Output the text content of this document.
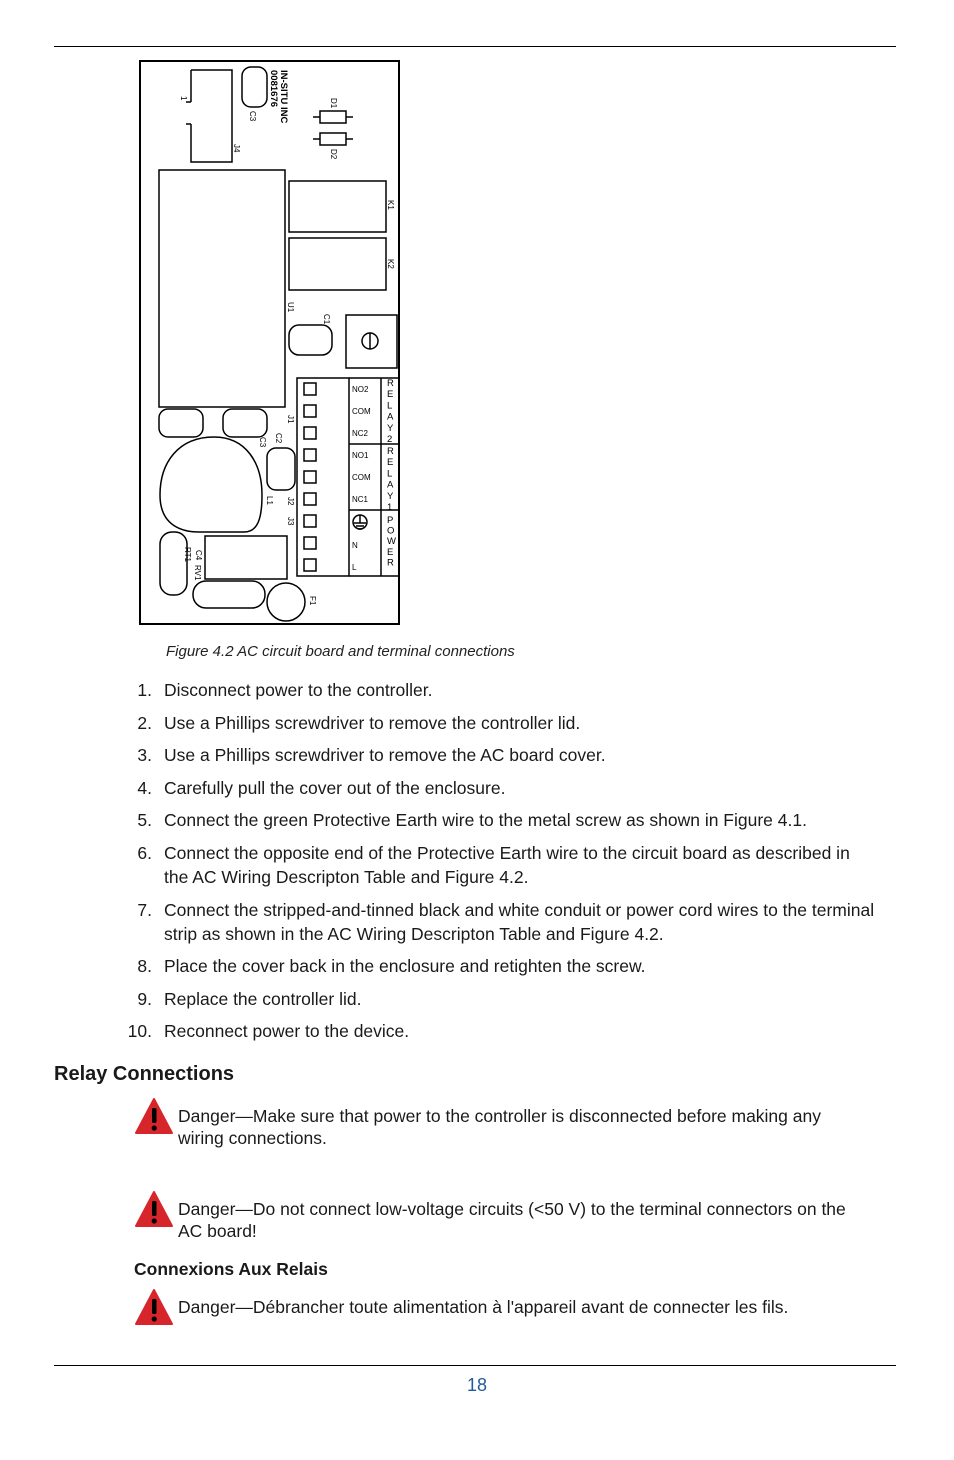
IN-SITU INC
0081676
J4
C3
1	D1
D2
K1
K2
U1
C1
J1
C2
C3
L1 J2
J3
C4
RT1
RV1
F1
NO2
COM
NC2
NO1
COM
NC1
N
L
R
E
L
A
Y
2
R
E
L
A
Y
1
P
O
W
E
R
Figure 4.2 AC circuit board and terminal connections
1. Disconnect power to the controller.
2. Use a Phillips screwdriver to remove the controller lid.
3. Use a Phillips screwdriver to remove the AC board cover.
4. Carefully pull the cover out of the enclosure.
5. Connect the green Protective Earth wire to the metal screw as shown in Figure 4.1.
6. Connect the opposite end of the Protective Earth wire to the circuit board as described in the AC Wiring Descripton Table and Figure 4.2.
7. Connect the stripped-and-tinned black and white conduit or power cord wires to the terminal strip as shown in the AC Wiring Descripton Table and Figure 4.2.
8. Place the cover back in the enclosure and retighten the screw.
9. Replace the controller lid.
10. Reconnect power to the device.
Relay Connections
Danger—Make sure that power to the controller is disconnected before making any wiring connections.
Danger—Do not connect low-voltage circuits (<50 V) to the terminal connectors on the AC board!
Connexions Aux Relais
Danger—Débrancher toute alimentation à l'appareil avant de connecter les fils.
18
